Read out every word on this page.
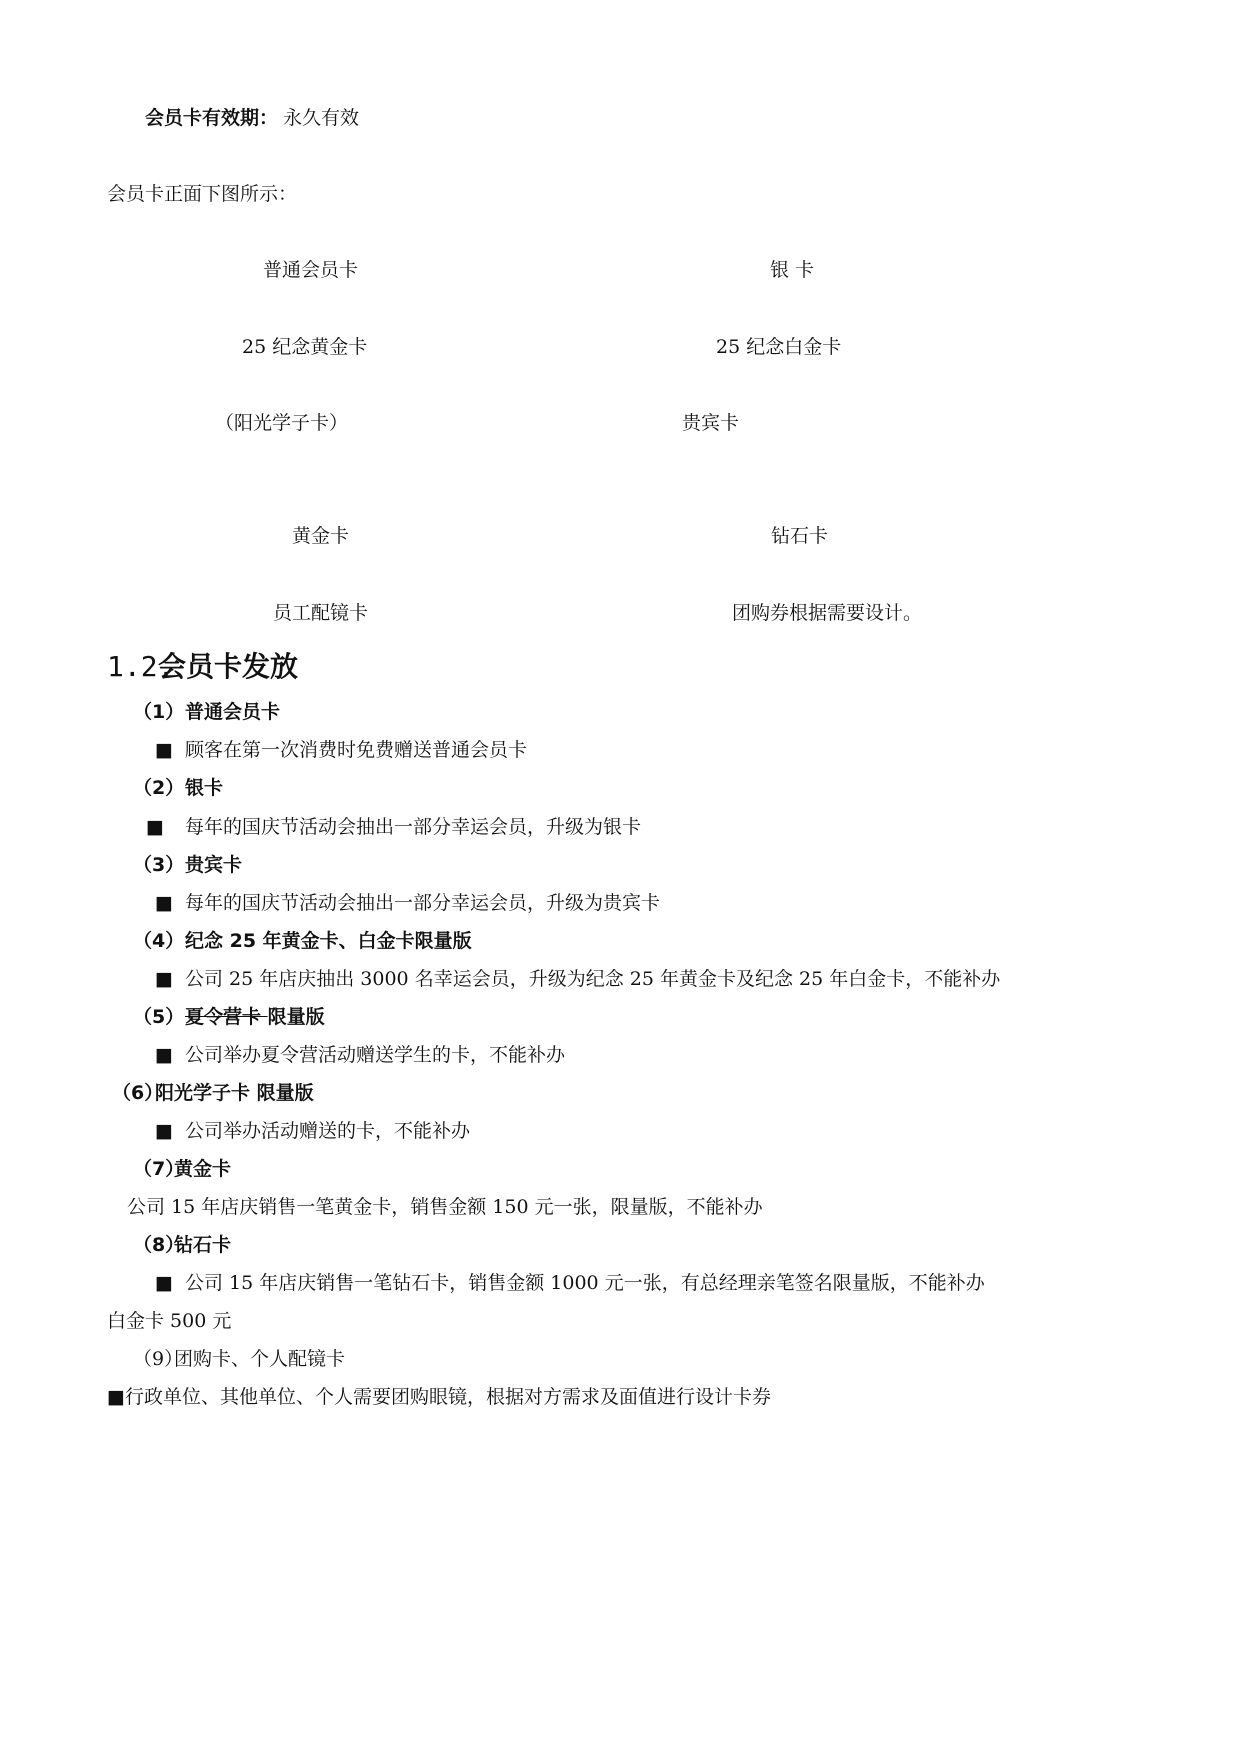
会员卡有效期： 永久有效
会员卡正面下图所示：
普通会员卡	银 卡
25 纪念黄金卡	25 纪念白金卡
（阳光学子卡）	贵宾卡
黄金卡	钻石卡
员工配镜卡	团购券根据需要设计。
1.2.
会员卡发放
（1） 普通会员卡
■ 顾客在第一次消费时免费赠送普通会员卡
（2） 银卡
■ 每年的国庆节活动会抽出一部分幸运会员，升级为银卡
（3） 贵宾卡
■ 每年的国庆节活动会抽出一部分幸运会员，升级为贵宾卡
（4） 纪念 25 年黄金卡、白金卡限量版
■ 公司 25 年店庆抽出 3000 名幸运会员，升级为纪念 25 年黄金卡及纪念 25 年白金卡，不能补办
（5） 夏令营卡 限量版
■ 公司举办夏令营活动赠送学生的卡，不能补办
（6）
阳光学子卡 限量版
■ 公司举办活动赠送的卡，不能补办
（7）
黄金卡
公司 15 年店庆销售一笔黄金卡，销售金额 150 元一张，限量版，不能补办
（8）
钻石卡
■ 公司 15 年店庆销售一笔钻石卡，销售金额 1000 元一张，有总经理亲笔签名限量版，不能补办
白金卡 500 元
（9）
团购卡、个人配镜卡
■行政单位、其他单位、个人需要团购眼镜，根据对方需求及面值进行设计卡券
